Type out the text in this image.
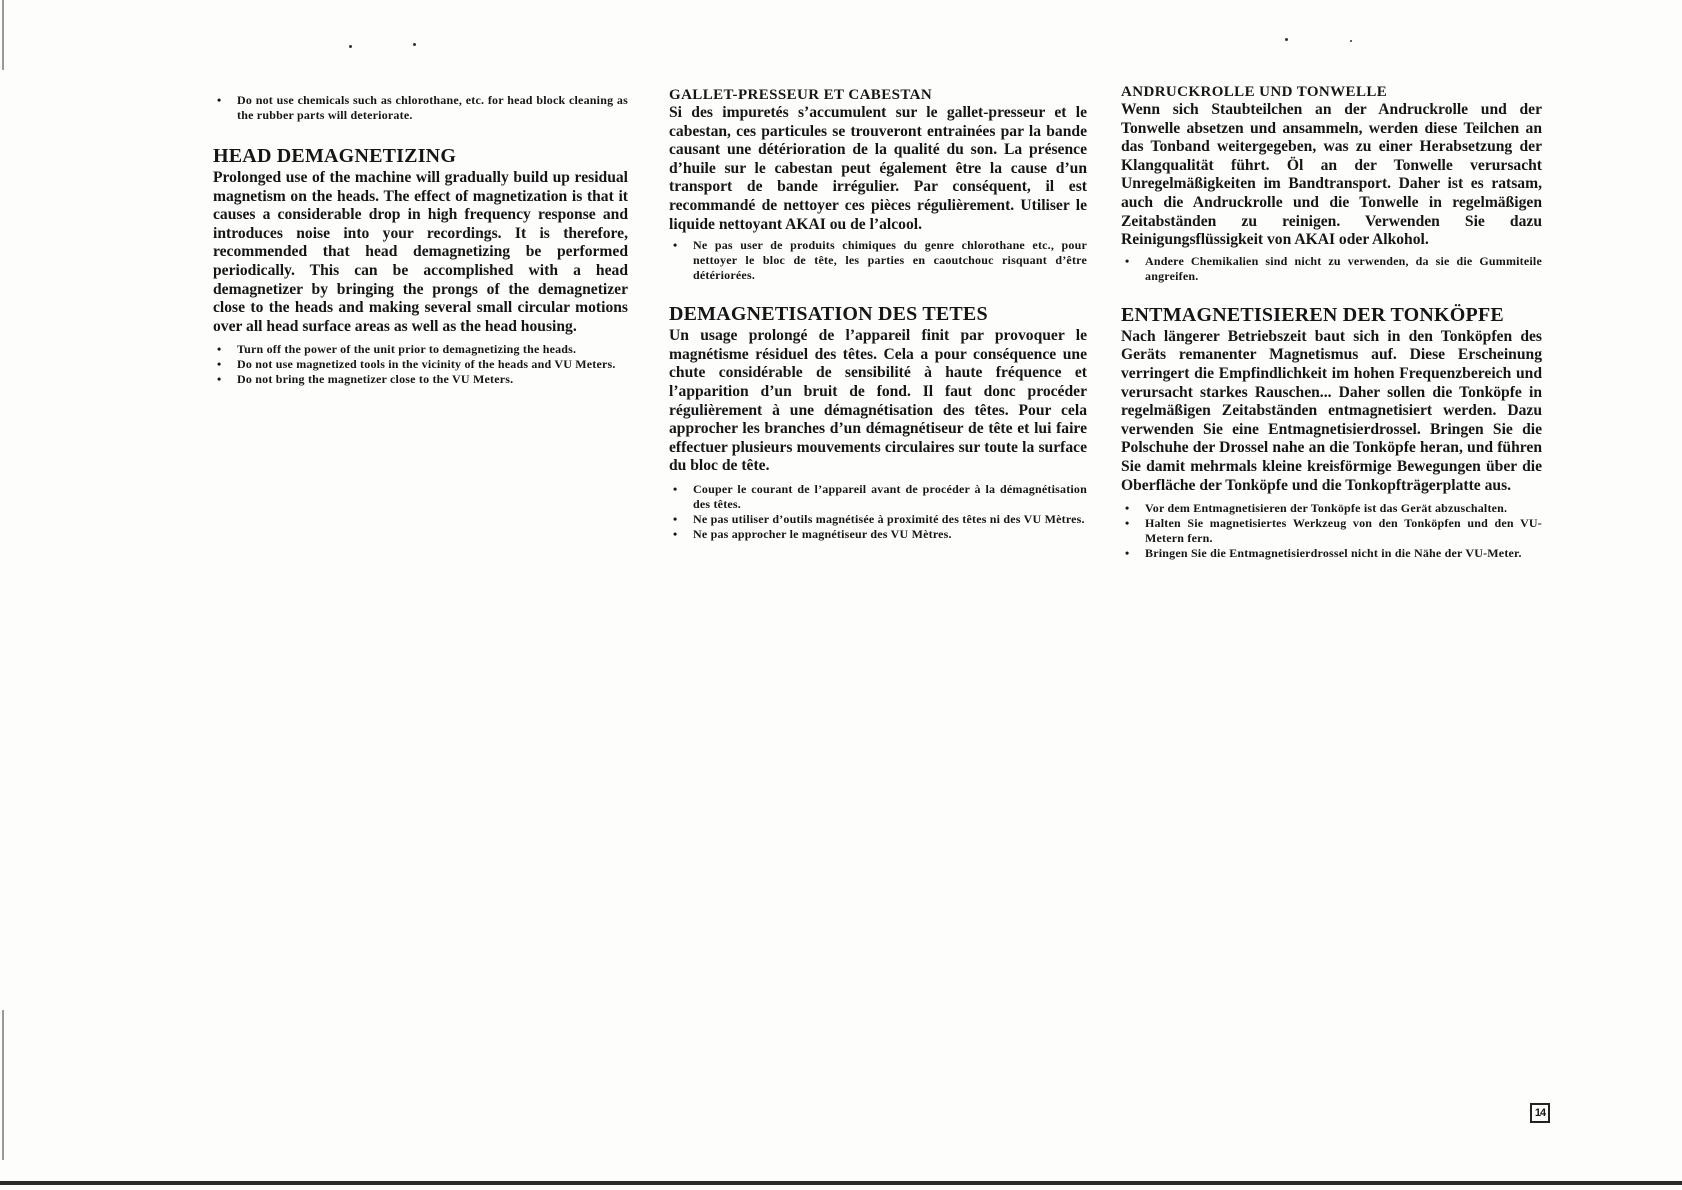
• Do not use chemicals such as chlorothane, etc. for head block cleaning as the rubber parts will deteriorate.
HEAD DEMAGNETIZING

Prolonged use of the machine will gradually build up residual magnetism on the heads. The effect of magnetization is that it causes a considerable drop in high frequency response and introduces noise into your recordings. It is therefore, recommended that head demagnetizing be performed periodically. This can be accomplished with a head demagnetizer by bringing the prongs of the demagnetizer close to the heads and making several small circular motions over all head surface areas as well as the head housing.

• Turn off the power of the unit prior to demagnetizing the heads.
• Do not use magnetized tools in the vicinity of the heads and VU Meters.
• Do not bring the magnetizer close to the VU Meters.
GALLET-PRESSEUR ET CABESTAN

Si des impuretés s’accumulent sur le gallet-presseur et le cabestan, ces particules se trouveront entrainées par la bande causant une détérioration de la qualité du son. La présence d’huile sur le cabestan peut également être la cause d’un transport de bande irrégulier. Par conséquent, il est recommandé de nettoyer ces pièces régulièrement. Utiliser le liquide nettoyant AKAI ou de l’alcool.

• Ne pas user de produits chimiques du genre chlorothane etc., pour nettoyer le bloc de tête, les parties en caoutchouc risquant d’être détériorées.
DEMAGNETISATION DES TETES

Un usage prolongé de l’appareil finit par provoquer le magnétisme résiduel des têtes. Cela a pour conséquence une chute considérable de sensibilité à haute fréquence et l’apparition d’un bruit de fond. Il faut donc procéder régulièrement à une démagnétisation des têtes. Pour cela approcher les branches d’un démagnétiseur de tête et lui faire effectuer plusieurs mouvements circulaires sur toute la surface du bloc de tête.

• Couper le courant de l’appareil avant de procéder à la démagnétisation des têtes.
• Ne pas utiliser d’outils magnétisée à proximité des têtes ni des VU Mètres.
• Ne pas approcher le magnétiseur des VU Mètres.
ANDRUCKROLLE UND TONWELLE

Wenn sich Staubteilchen an der Andruckrolle und der Tonwelle absetzen und ansammeln, werden diese Teilchen an das Tonband weitergegeben, was zu einer Herabsetzung der Klangqualität führt. Öl an der Tonwelle verursacht Unregelmäßigkeiten im Bandtransport. Daher ist es ratsam, auch die Andruckrolle und die Tonwelle in regelmäßigen Zeitabständen zu reinigen. Verwenden Sie dazu Reinigungsflüssigkeit von AKAI oder Alkohol.

• Andere Chemikalien sind nicht zu verwenden, da sie die Gummiteile angreifen.
ENTMAGNETISIEREN DER TONKÖPFE

Nach längerer Betriebszeit baut sich in den Tonköpfen des Geräts remanenter Magnetismus auf. Diese Erscheinung verringert die Empfindlichkeit im hohen Frequenzbereich und verursacht starkes Rauschen... Daher sollen die Tonköpfe in regelmäßigen Zeitabständen entmagnetisiert werden. Dazu verwenden Sie eine Entmagnetisierdrossel. Bringen Sie die Polschuhe der Drossel nahe an die Tonköpfe heran, und führen Sie damit mehrmals kleine kreisförmige Bewegungen über die Oberfläche der Tonköpfe und die Tonkopfträgerplatte aus.

• Vor dem Entmagnetisieren der Tonköpfe ist das Gerät abzuschalten.
• Halten Sie magnetisiertes Werkzeug von den Tonköpfen und den VU-Metern fern.
• Bringen Sie die Entmagnetisierdrossel nicht in die Nähe der VU-Meter.
14
